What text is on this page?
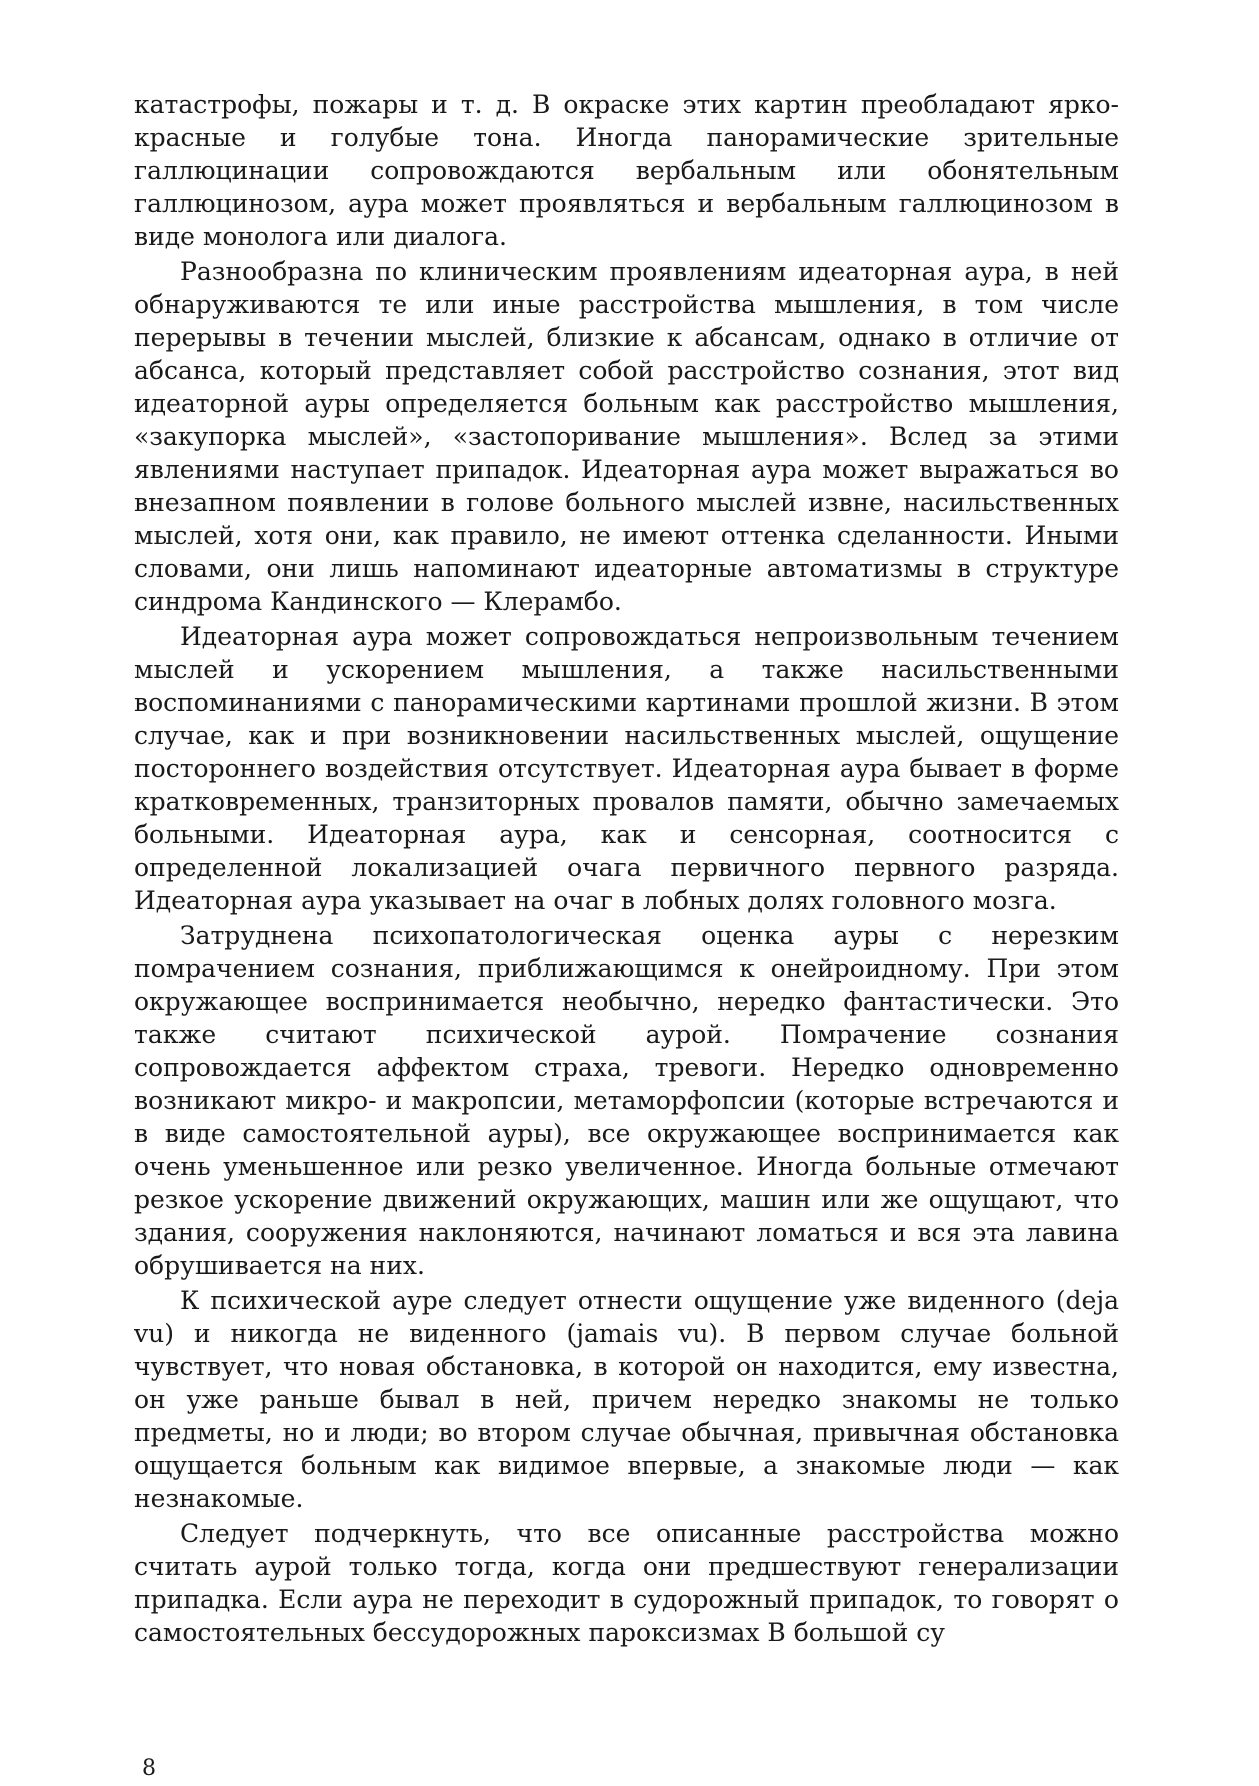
катастрофы, пожары и т. д. В окраске этих картин преобладают ярко-красные и голубые тона. Иногда панорамические зрительные галлюцинации сопровождаются вербальным или обонятельным галлюцинозом, аура может проявляться и вербальным галлюцинозом в виде монолога или диалога.

Разнообразна по клиническим проявлениям идеаторная аура, в ней обнаруживаются те или иные расстройства мышления, в том числе перерывы в течении мыслей, близкие к абсансам, однако в отличие от абсанса, который представляет собой расстройство сознания, этот вид идеаторной ауры определяется больным как расстройство мышления, «закупорка мыслей», «застопоривание мышления». Вслед за этими явлениями наступает припадок. Идеаторная аура может выражаться во внезапном появлении в голове больного мыслей извне, насильственных мыслей, хотя они, как правило, не имеют оттенка сделанности. Иными словами, они лишь напоминают идеаторные автоматизмы в структуре синдрома Кандинского — Клерамбо.

Идеаторная аура может сопровождаться непроизвольным течением мыслей и ускорением мышления, а также насильственными воспоминаниями с панорамическими картинами прошлой жизни. В этом случае, как и при возникновении насильственных мыслей, ощущение постороннего воздействия отсутствует. Идеаторная аура бывает в форме кратковременных, транзиторных провалов памяти, обычно замечаемых больными. Идеаторная аура, как и сенсорная, соотносится с определенной локализацией очага первичного первного разряда. Идеаторная аура указывает на очаг в лобных долях головного мозга.

Затруднена психопатологическая оценка ауры с нерезким помрачением сознания, приближающимся к онейроидному. При этом окружающее воспринимается необычно, нередко фантастически. Это также считают психической аурой. Помрачение сознания сопровождается аффектом страха, тревоги. Нередко одновременно возникают микро- и макропсии, метаморфопсии (которые встречаются и в виде самостоятельной ауры), все окружающее воспринимается как очень уменьшенное или резко увеличенное. Иногда больные отмечают резкое ускорение движений окружающих, машин или же ощущают, что здания, сооружения наклоняются, начинают ломаться и вся эта лавина обрушивается на них.

К психической ауре следует отнести ощущение уже виденного (deja vu) и никогда не виденного (jamais vu). В первом случае больной чувствует, что новая обстановка, в которой он находится, ему известна, он уже раньше бывал в ней, причем нередко знакомы не только предметы, но и люди; во втором случае обычная, привычная обстановка ощущается больным как видимое впервые, а знакомые люди — как незнакомые.

Следует подчеркнуть, что все описанные расстройства можно считать аурой только тогда, когда они предшествуют генерализации припадка. Если аура не переходит в судорожный припадок, то говорят о самостоятельных бессудорожных пароксизмах В большой су

8
